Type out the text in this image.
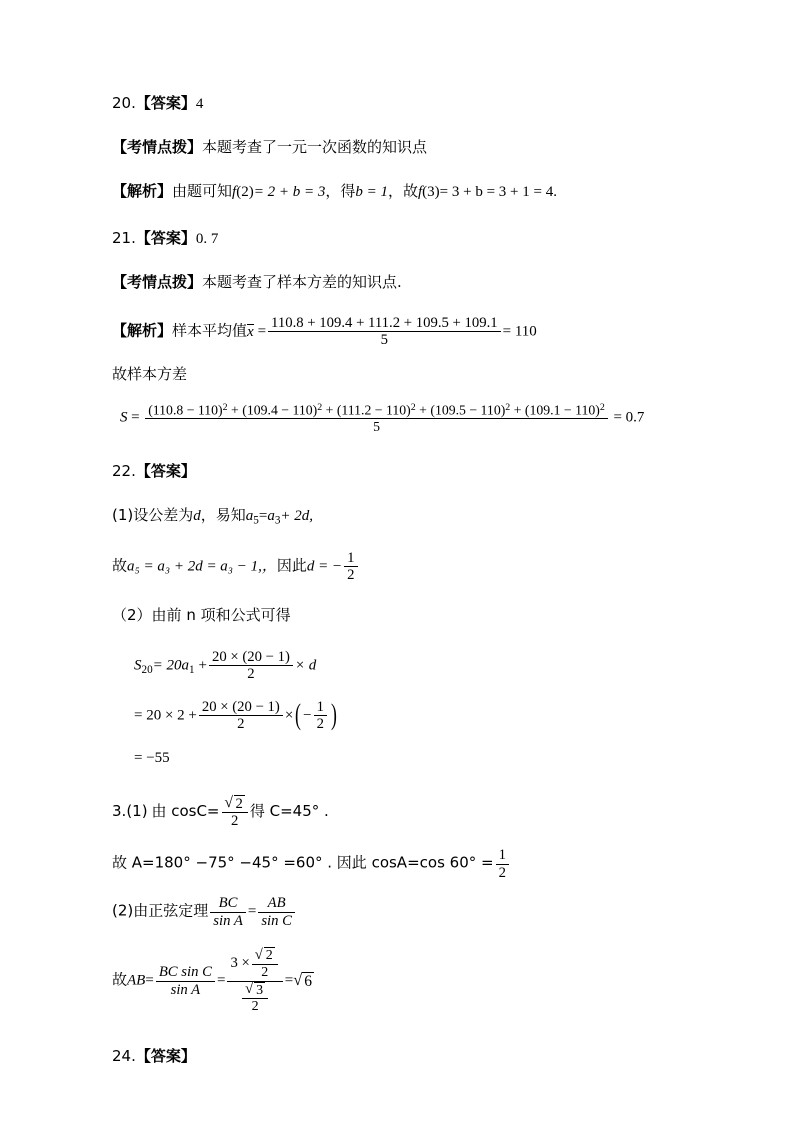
20.【答案】4
【考情点拨】本题考查了一元一次函数的知识点
【解析】由题可知f(2)= 2 + b = 3，得b = 1，故f(3)= 3 + b = 3 + 1 = 4.
21.【答案】0. 7
【考情点拨】本题考查了样本方差的知识点.
【解析】样本平均值$x = \frac{110.8 + 109.4 + 111.2 + 109.5 + 109.1}{5} = 110$
故样本方差
$S = (110.8 - 110)^2 + (109.4 - 110)^2 + (111.2 - 110)^2 + (109.5 - 110)^2 + (109.1 - 110)^2$
5
= 0.7
22.【答案】
(1)设公差为d，易知$a_5=a_3+ 2d$,
故a₅ = a₃ + 2d = a₃ − 1,，因此d = − $\frac{1}{2}$
（2）由前 n 项和公式可得
$S_{20}= 20a_1 + \frac{20 \times (20 - 1)}{2} \times d$
= $20 \times 2 + \frac{20 \times (20 - 1)}{2}$ ×( − $\frac{1}{2}$ )
= −55
3.(1) 由 cosC= √ $\frac{2}{2}$ 得 C=45° .
故 A=180° −75° −45° =60° . 因此 cosA=cos $60^\circ = \frac{1}{2}$
(2)由正弦定理 $\frac{BC}{\text{sin A}} = \frac{AB}{\text{sin C}}$
故$AB= \frac{\text{BC sin C}}{\text{sin A}} = 3$ × √ $\frac{2}{2}$
√ $\frac{3}{2}$ = √ 6
24.【答案】
